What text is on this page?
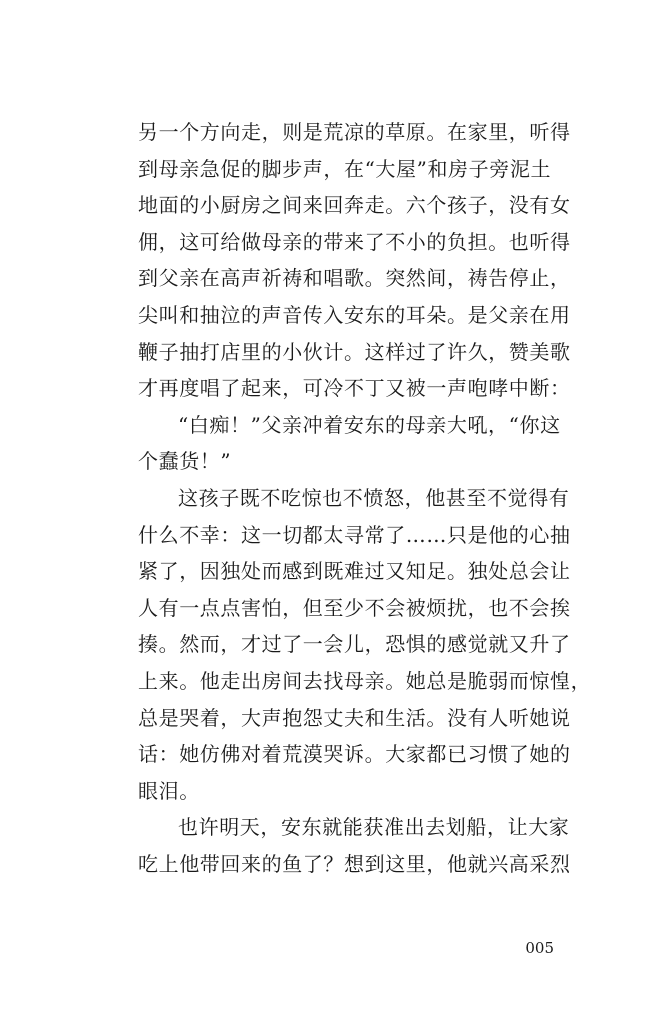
另一个方向走，则是荒凉的草原。在家里，听得
到母亲急促的脚步声，在“大屋”和房子旁泥土
地面的小厨房之间来回奔走。六个孩子，没有女
佣，这可给做母亲的带来了不小的负担。也听得
到父亲在高声祈祷和唱歌。突然间，祷告停止，
尖叫和抽泣的声音传入安东的耳朵。是父亲在用
鞭子抽打店里的小伙计。这样过了许久，赞美歌
才再度唱了起来，可冷不丁又被一声咆哮中断：
“白痴！”父亲冲着安东的母亲大吼，“你这
个蠢货！”
这孩子既不吃惊也不愤怒，他甚至不觉得有
什么不幸：这一切都太寻常了……只是他的心抽
紧了，因独处而感到既难过又知足。独处总会让
人有一点点害怕，但至少不会被烦扰，也不会挨
揍。然而，才过了一会儿，恐惧的感觉就又升了
上来。他走出房间去找母亲。她总是脆弱而惊惶，
总是哭着，大声抱怨丈夫和生活。没有人听她说
话：她仿佛对着荒漠哭诉。大家都已习惯了她的
眼泪。
也许明天，安东就能获准出去划船，让大家
吃上他带回来的鱼了？想到这里，他就兴高采烈
005
